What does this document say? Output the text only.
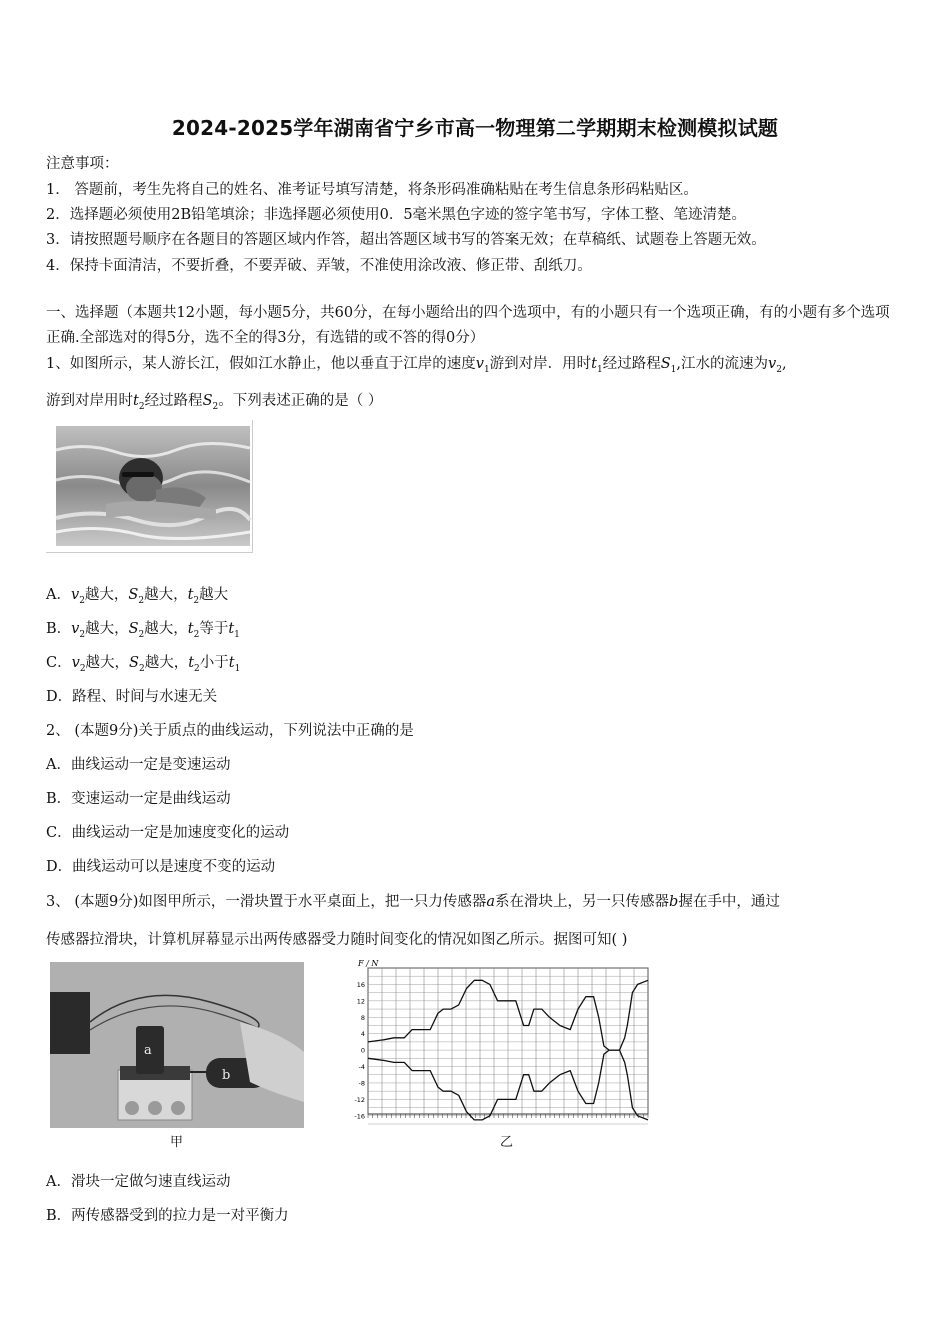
2024-2025学年湖南省宁乡市高一物理第二学期期末检测模拟试题
注意事项：
1． 答题前，考生先将自己的姓名、准考证号填写清楚，将条形码准确粘贴在考生信息条形码粘贴区。
2．选择题必须使用2B铅笔填涂；非选择题必须使用0．5毫米黑色字迹的签字笔书写，字体工整、笔迹清楚。
3．请按照题号顺序在各题目的答题区域内作答，超出答题区域书写的答案无效；在草稿纸、试题卷上答题无效。
4．保持卡面清洁，不要折叠，不要弄破、弄皱，不准使用涂改液、修正带、刮纸刀。
一、选择题（本题共12小题，每小题5分，共60分，在每小题给出的四个选项中，有的小题只有一个选项正确，有的小题有多个选项正确.全部选对的得5分，选不全的得3分，有选错的或不答的得0分）
1、如图所示，某人游长江，假如江水静止，他以垂直于江岸的速度$v_1$游到对岸．用时$t_1$经过路程$S_1$,江水的流速为$v_2$,
游到对岸用时$t_2$经过路程$S_2$。下列表述正确的是（ ）
A．$v_2$越大，$S_2$越大，$t_2$越大
B．$v_2$越大，$S_2$越大，$t_2$等于$t_1$
C．$v_2$越大，$S_2$越大，$t_2$小于$t_1$
D．路程、时间与水速无关
2、 (本题9分)关于质点的曲线运动，下列说法中正确的是
A．曲线运动一定是变速运动
B．变速运动一定是曲线运动
C．曲线运动一定是加速度变化的运动
D．曲线运动可以是速度不变的运动
3、 (本题9分)如图甲所示，一滑块置于水平桌面上，把一只力传感器a系在滑块上，另一只传感器b握在手中，通过
传感器拉滑块，计算机屏幕显示出两传感器受力随时间变化的情况如图乙所示。据图可知( )
a
b
甲
F / N
16
12
8
4
0
-4
-8
-12
-16
乙
A．滑块一定做匀速直线运动
B．两传感器受到的拉力是一对平衡力
